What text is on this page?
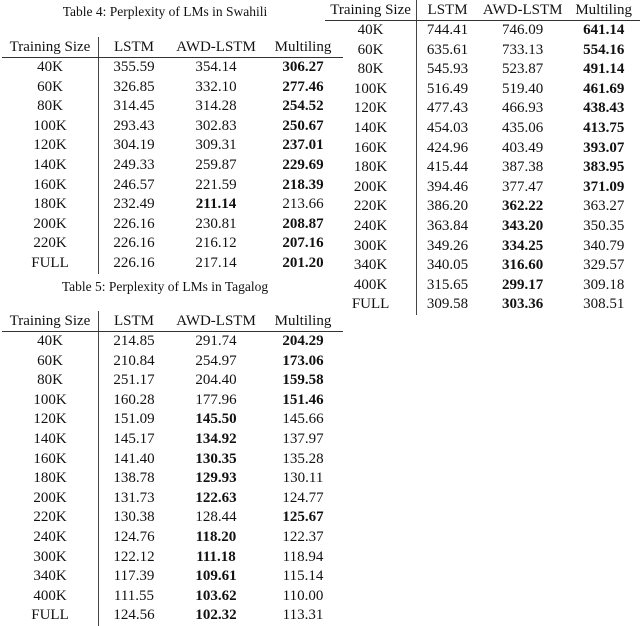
Table 4: Perplexity of LMs in Swahili
Training Size	LSTM	AWD-LSTM	Multiling
40K	355.59	354.14	306.27
60K	326.85	332.10	277.46
80K	314.45	314.28	254.52
100K	293.43	302.83	250.67
120K	304.19	309.31	237.01
140K	249.33	259.87	229.69
160K	246.57	221.59	218.39
180K	232.49	211.14	213.66
200K	226.16	230.81	208.87
220K	226.16	216.12	207.16
FULL	226.16	217.14	201.20
Table 5: Perplexity of LMs in Tagalog
Training Size	LSTM	AWD-LSTM	Multiling
40K	214.85	291.74	204.29
60K	210.84	254.97	173.06
80K	251.17	204.40	159.58
100K	160.28	177.96	151.46
120K	151.09	145.50	145.66
140K	145.17	134.92	137.97
160K	141.40	130.35	135.28
180K	138.78	129.93	130.11
200K	131.73	122.63	124.77
220K	130.38	128.44	125.67
240K	124.76	118.20	122.37
300K	122.12	111.18	118.94
340K	117.39	109.61	115.14
400K	111.55	103.62	110.00
FULL	124.56	102.32	113.31
Training Size	LSTM	AWD-LSTM	Multiling
40K	744.41	746.09	641.14
60K	635.61	733.13	554.16
80K	545.93	523.87	491.14
100K	516.49	519.40	461.69
120K	477.43	466.93	438.43
140K	454.03	435.06	413.75
160K	424.96	403.49	393.07
180K	415.44	387.38	383.95
200K	394.46	377.47	371.09
220K	386.20	362.22	363.27
240K	363.84	343.20	350.35
300K	349.26	334.25	340.79
340K	340.05	316.60	329.57
400K	315.65	299.17	309.18
FULL	309.58	303.36	308.51
